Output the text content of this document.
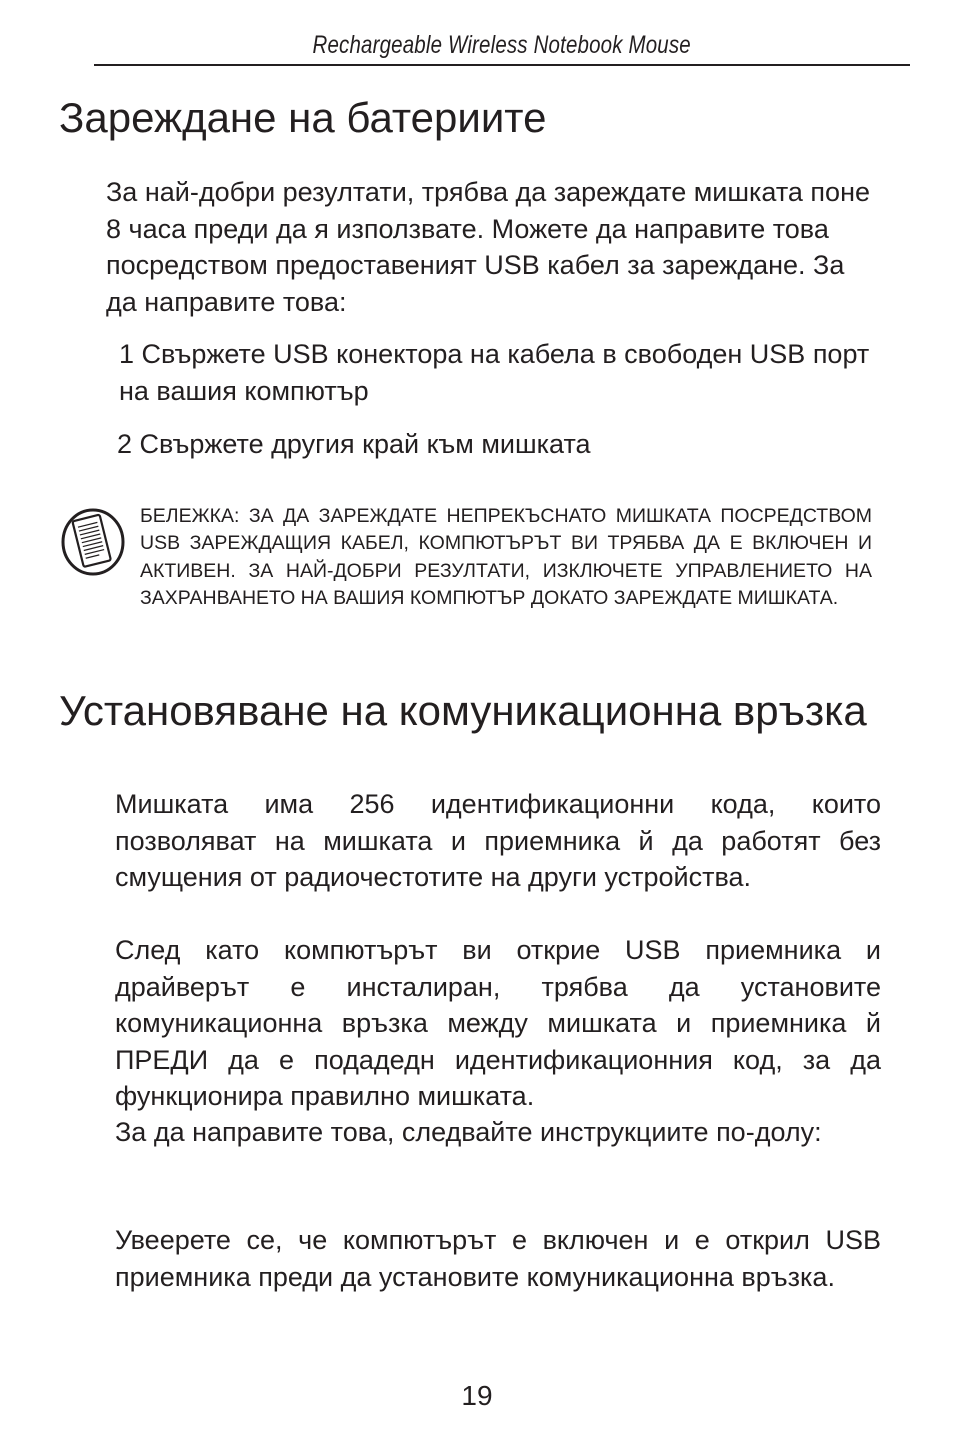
Rechargeable Wireless Notebook Mouse
Зареждане на батериите

За най-добри резултати, трябва да зареждате мишката поне 8 часа преди да я използвате. Можете да направите това посредством предоставеният USB кабел за зареждане. За да направите това:

1 Свържете USB конектора на кабела в свободен USB порт на вашия компютър

2 Свържете другия край към мишката

БЕЛЕЖКА: ЗА ДА ЗАРЕЖДАТЕ НЕПРЕКЪСНАТО МИШКАТА ПОСРЕДСТВОМ USB ЗАРЕЖДАЩИЯ КАБЕЛ, КОМПЮТЪРЪТ ВИ ТРЯБВА ДА Е ВКЛЮЧЕН И АКТИВЕН. ЗА НАЙ-ДОБРИ РЕЗУЛТАТИ, ИЗКЛЮЧЕТЕ УПРАВЛЕНИЕТО НА ЗАХРАНВАНЕТО НА ВАШИЯ КОМПЮТЪР ДОКАТО ЗАРЕЖДАТЕ МИШКАТА.

Установяване на комуникационна връзка

Мишката има 256 идентификационни кода, които позволяват на мишката и приемника й да работят без смущения от радиочестотите на други устройства.

След като компютърът ви открие USB приемника и драйверът е инсталиран, трябва да установите комуникационна връзка между мишката и приемника й ПРЕДИ да е подадедн идентификационния код, за да функционира правилно мишката.

За да направите това, следвайте инструкциите по-долу:

Увеерете се, че компютърът е включен и е открил USB приемника преди да установите комуникационна връзка.

19
